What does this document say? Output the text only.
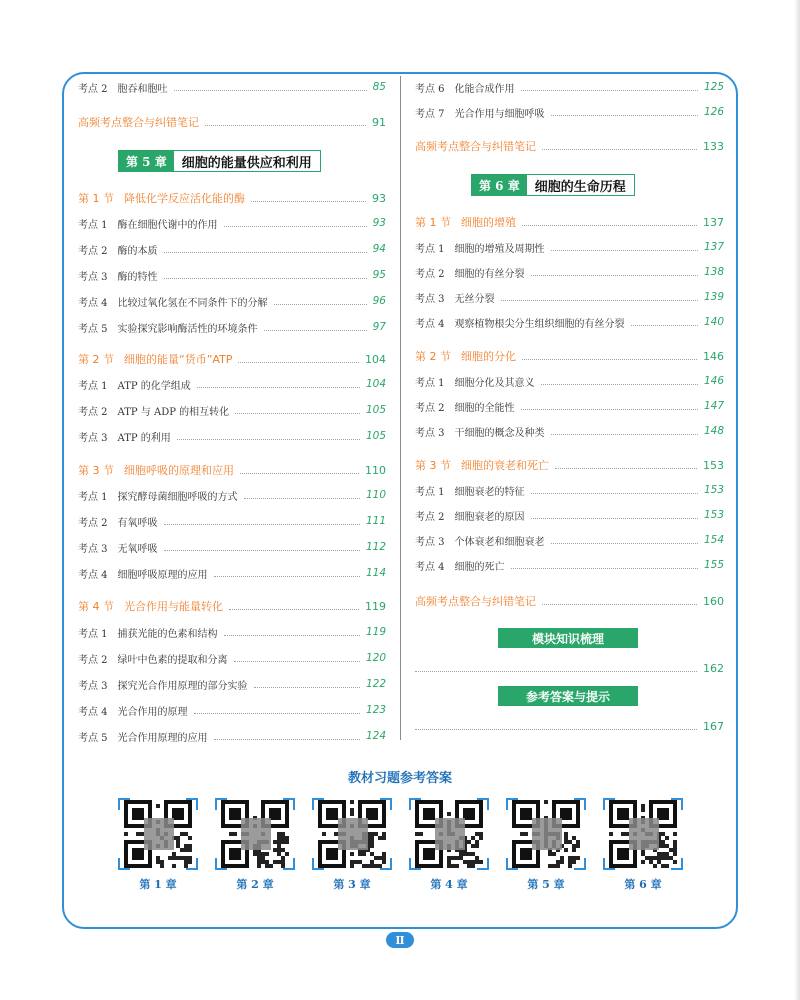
考点 2 胞吞和胞吐	85
高频考点整合与纠错笔记	91
第 5 章	细胞的能量供应和利用
第 1 节 降低化学反应活化能的酶	93
考点 1 酶在细胞代谢中的作用	93
考点 2 酶的本质	94
考点 3 酶的特性	95
考点 4 比较过氧化氢在不同条件下的分解	96
考点 5 实验探究影响酶活性的环境条件	97
第 2 节 细胞的能量“货币”ATP	104
考点 1 ATP 的化学组成	104
考点 2 ATP 与 ADP 的相互转化	105
考点 3 ATP 的利用	105
第 3 节 细胞呼吸的原理和应用	110
考点 1 探究酵母菌细胞呼吸的方式	110
考点 2 有氧呼吸	111
考点 3 无氧呼吸	112
考点 4 细胞呼吸原理的应用	114
第 4 节 光合作用与能量转化	119
考点 1 捕获光能的色素和结构	119
考点 2 绿叶中色素的提取和分离	120
考点 3 探究光合作用原理的部分实验	122
考点 4 光合作用的原理	123
考点 5 光合作用原理的应用	124
考点 6 化能合成作用	125
考点 7 光合作用与细胞呼吸	126
高频考点整合与纠错笔记	133
第 6 章	细胞的生命历程
第 1 节 细胞的增殖	137
考点 1 细胞的增殖及周期性	137
考点 2 细胞的有丝分裂	138
考点 3 无丝分裂	139
考点 4 观察植物根尖分生组织细胞的有丝分裂	140
第 2 节 细胞的分化	146
考点 1 细胞分化及其意义	146
考点 2 细胞的全能性	147
考点 3 干细胞的概念及种类	148
第 3 节 细胞的衰老和死亡	153
考点 1 细胞衰老的特征	153
考点 2 细胞衰老的原因	153
考点 3 个体衰老和细胞衰老	154
考点 4 细胞的死亡	155
高频考点整合与纠错笔记	160
模块知识梳理
162
参考答案与提示
167
教材习题参考答案
第 1 章	第 2 章	第 3 章	第 4 章	第 5 章	第 6 章
Ⅱ
